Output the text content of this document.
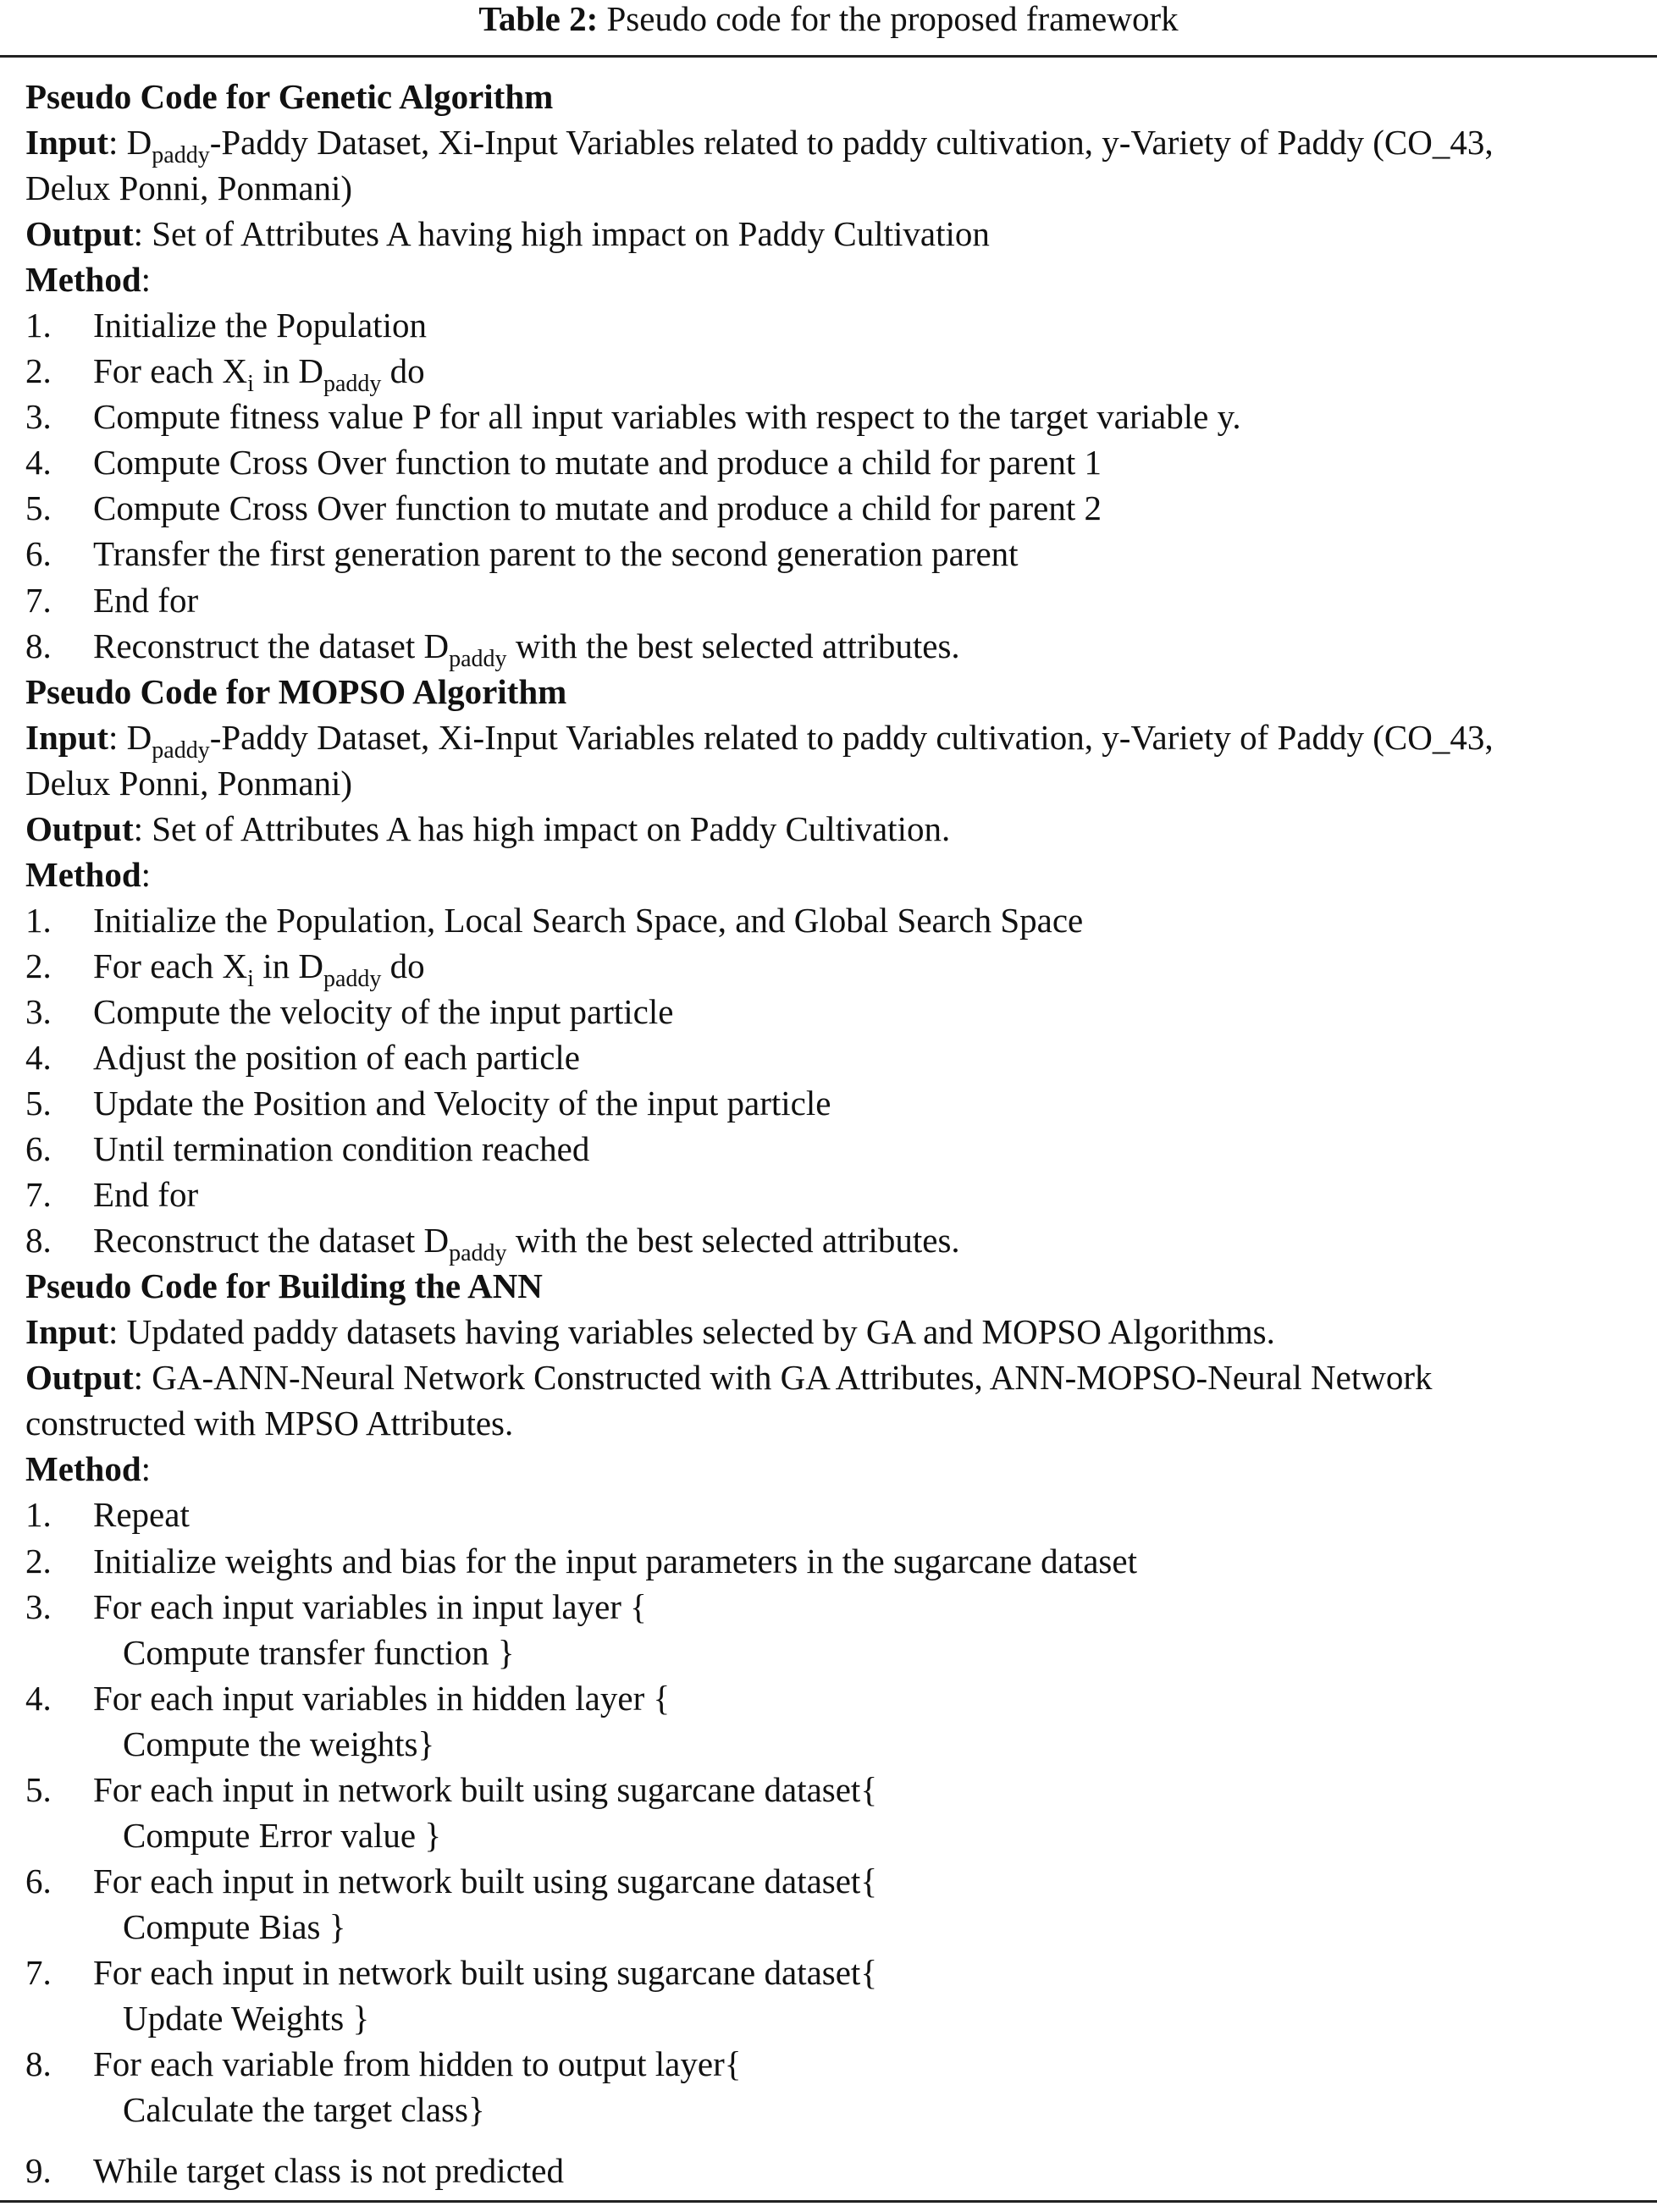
Table 2: Pseudo code for the proposed framework
Pseudo Code for Genetic Algorithm
Input: $D_{paddy}$-Paddy Dataset, Xi-Input Variables related to paddy cultivation, y-Variety of Paddy (CO_43,
Delux Ponni, Ponmani)
Output: Set of Attributes A having high impact on Paddy Cultivation
Method:
1.	Initialize the Population
2.	For each $X_i$ in $D_{paddy}$ do
3.	Compute fitness value P for all input variables with respect to the target variable y.
4.	Compute Cross Over function to mutate and produce a child for parent 1
5.	Compute Cross Over function to mutate and produce a child for parent 2
6.	Transfer the first generation parent to the second generation parent
7.	End for
8.	Reconstruct the dataset $D_{paddy}$ with the best selected attributes.
Pseudo Code for MOPSO Algorithm
Input: $D_{paddy}$-Paddy Dataset, Xi-Input Variables related to paddy cultivation, y-Variety of Paddy (CO_43,
Delux Ponni, Ponmani)
Output: Set of Attributes A has high impact on Paddy Cultivation.
Method:
1.	Initialize the Population, Local Search Space, and Global Search Space
2.	For each $X_i$ in $D_{paddy}$ do
3.	Compute the velocity of the input particle
4.	Adjust the position of each particle
5.	Update the Position and Velocity of the input particle
6.	Until termination condition reached
7.	End for
8.	Reconstruct the dataset $D_{paddy}$ with the best selected attributes.
Pseudo Code for Building the ANN
Input: Updated paddy datasets having variables selected by GA and MOPSO Algorithms.
Output: GA-ANN-Neural Network Constructed with GA Attributes, ANN-MOPSO-Neural Network
constructed with MPSO Attributes.
Method:
1.	Repeat
2.	Initialize weights and bias for the input parameters in the sugarcane dataset
3.	For each input variables in input layer {
Compute transfer function }
4.	For each input variables in hidden layer {
Compute the weights}
5.	For each input in network built using sugarcane dataset{
Compute Error value }
6.	For each input in network built using sugarcane dataset{
Compute Bias }
7.	For each input in network built using sugarcane dataset{
Update Weights }
8.	For each variable from hidden to output layer{
Calculate the target class}
9.	While target class is not predicted
